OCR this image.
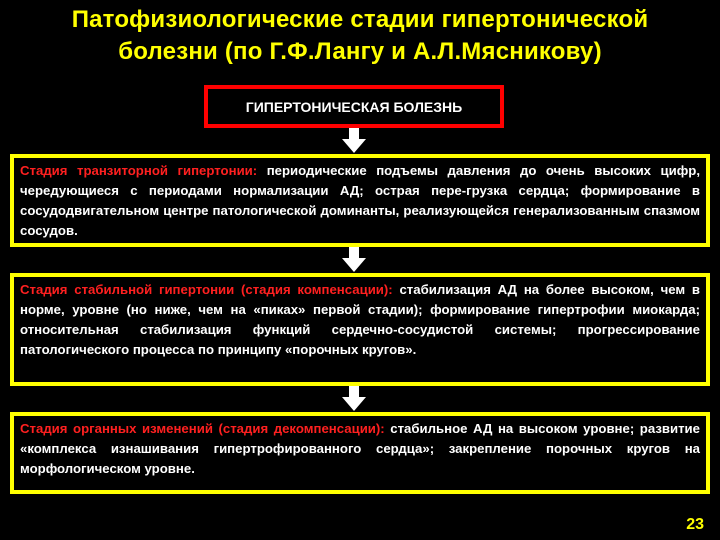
Патофизиологические стадии гипертонической
болезни (по Г.Ф.Лангу и А.Л.Мясникову)
ГИПЕРТОНИЧЕСКАЯ БОЛЕЗНЬ
Стадия транзиторной гипертонии: периодические подъемы давления до очень высоких цифр, чередующиеся с периодами нормализации АД; острая пере-грузка сердца; формирование в сосудодвигательном центре патологической доминанты, реализующейся генерализованным спазмом сосудов.
Стадия стабильной гипертонии (стадия компенсации): стабилизация АД на более высоком, чем в норме, уровне (но ниже, чем на «пиках» первой стадии); формирование гипертрофии миокарда; относительная стабилизация функций сердечно-сосудистой системы; прогрессирование патологического процесса по принципу «порочных кругов».
Стадия органных изменений (стадия декомпенсации): стабильное АД на высоком уровне; развитие «комплекса изнашивания гипертрофированного сердца»; закрепление порочных кругов на морфологическом уровне.
23
